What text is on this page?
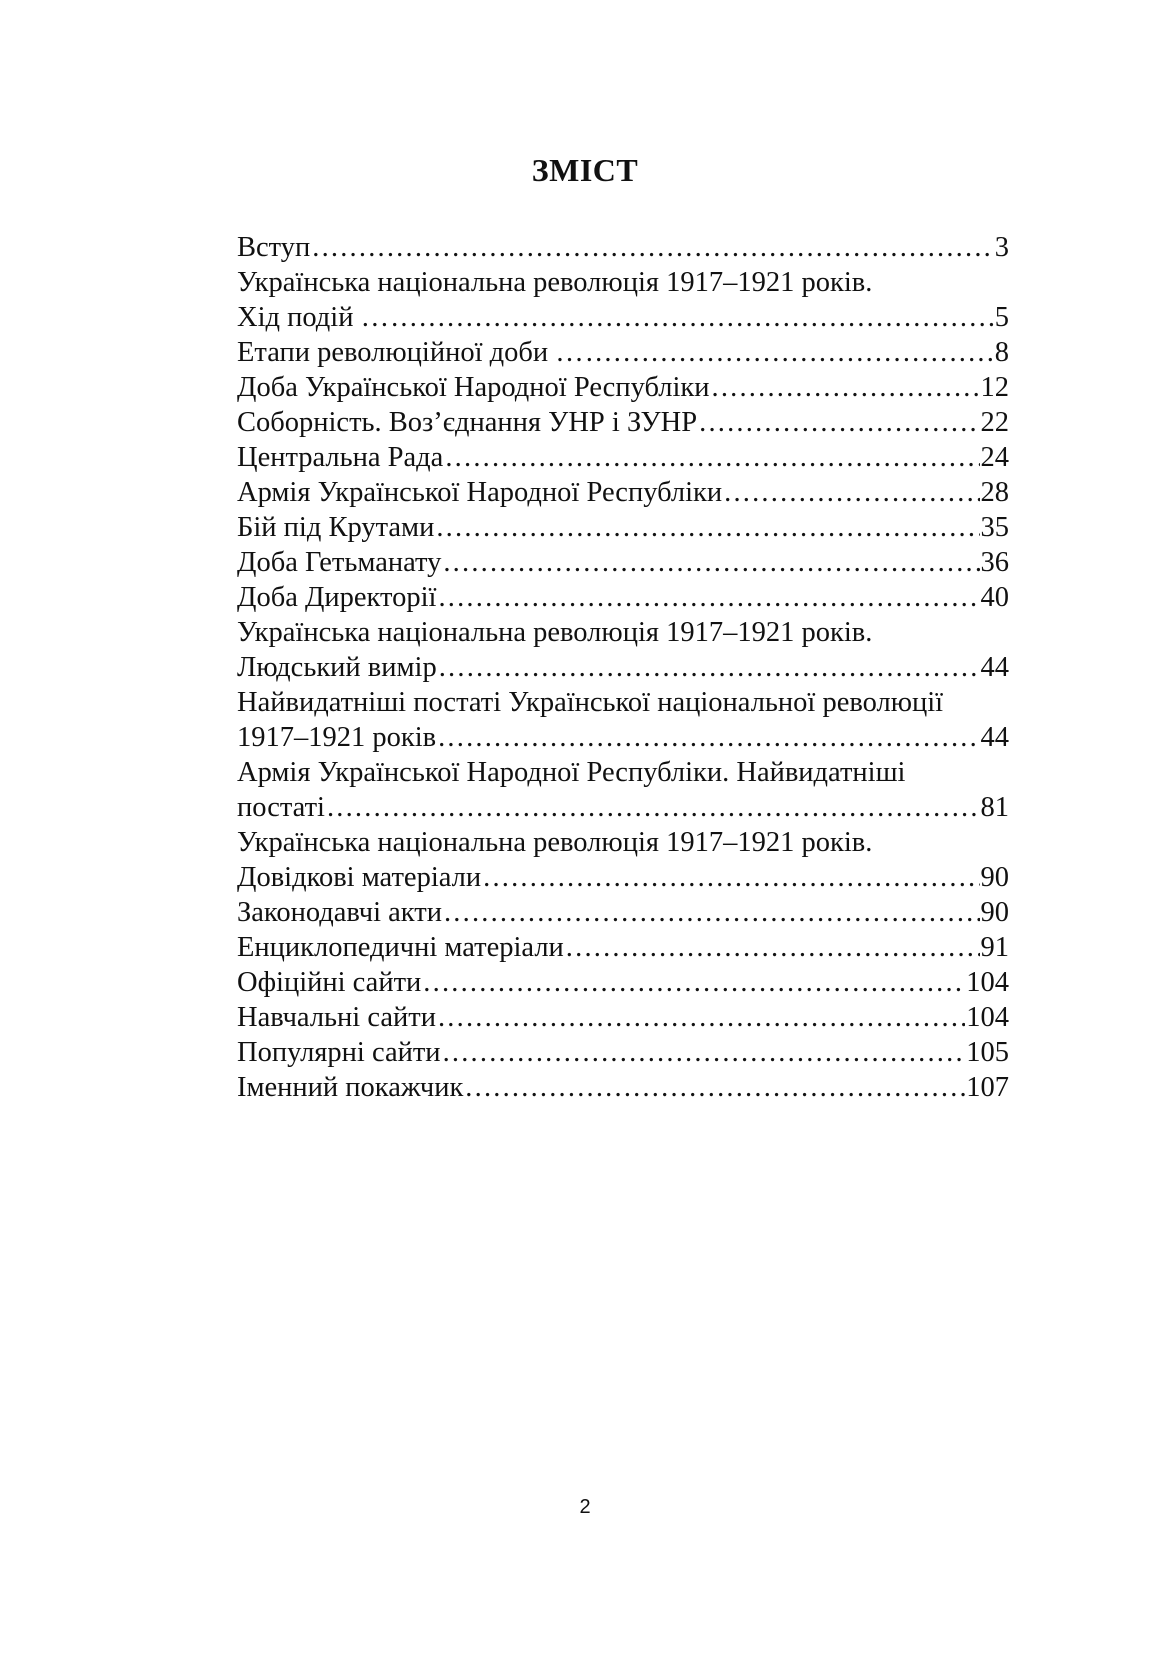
ЗМІСТ
Вступ .....	3
Українська національна революція 1917–1921 років.
Хід подій … .....	5
Етапи революційної доби … .....	8
Доба Української Народної Республіки .....	12
Соборність. Воз’єднання УНР і ЗУНР .....	22
Центральна Рада .....	24
Армія Української Народної Республіки .....	28
Бій під Крутами .....	35
Доба Гетьманату .....	36
Доба Директорії .....	40
Українська національна революція 1917–1921 років.
Людський вимір .....	44
Найвидатніші постаті Української національної революції
1917–1921 років .....	44
Армія Української Народної Республіки. Найвидатніші
постаті .....	81
Українська національна революція 1917–1921 років.
Довідкові матеріали .....	90
Законодавчі акти .....	90
Енциклопедичні матеріали .....	91
Офіційні сайти .....	104
Навчальні сайти .....	104
Популярні сайти .....	105
Іменний покажчик .....	107
2
